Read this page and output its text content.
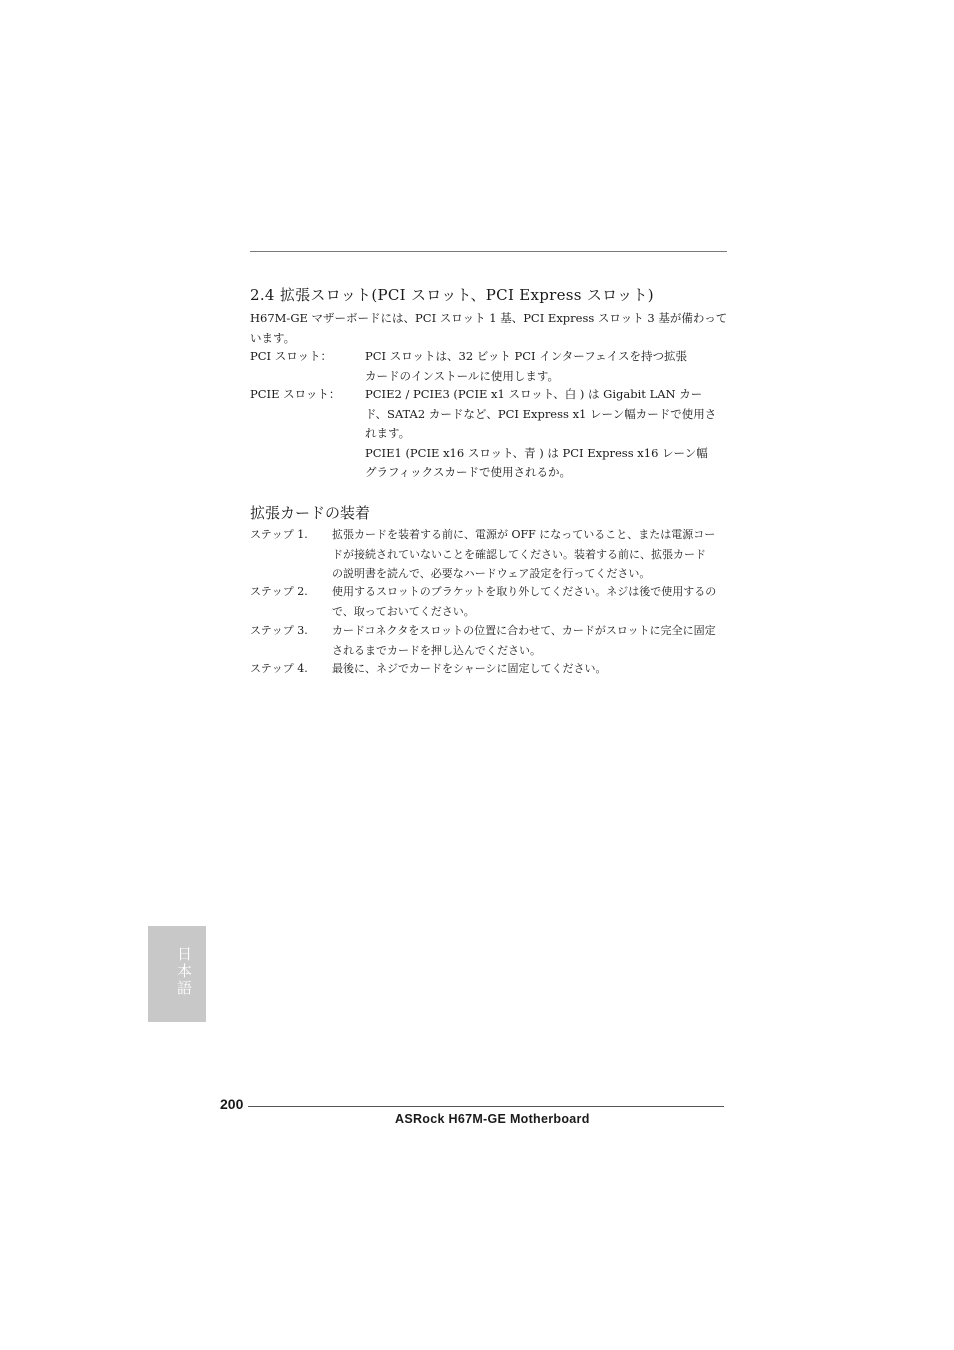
2.4 拡張スロット(PCI スロット、PCI Express スロット)
H67M-GE マザーボードには、PCI スロット 1 基、PCI Express スロット 3 基が備わって
います。
PCI スロット：	PCI スロットは、32 ビット PCI インターフェイスを持つ拡張
カードのインストールに使用します。
PCIE スロット： PCIE2 / PCIE3 (PCIE x1 スロット、白 ) は Gigabit LAN カー
ド、SATA2 カードなど、PCI Express x1 レーン幅カードで使用さ
れます。
PCIE1 (PCIE x16 スロット、青 ) は PCI Express x16 レーン幅
グラフィックスカードで使用されるか。
拡張カードの装着
ステップ 1. 拡張カードを装着する前に、電源が OFF になっていること、または電源コー
ドが接続されていないことを確認してください。装着する前に、拡張カード
の説明書を読んで、必要なハードウェア設定を行ってください。
ステップ 2. 使用するスロットのブラケットを取り外してください。ネジは後で使用するの
で、取っておいてください。
ステップ 3. カードコネクタをスロットの位置に合わせて、カードがスロットに完全に固定
されるまでカードを押し込んでください。
ステップ 4. 最後に、ネジでカードをシャーシに固定してください。
日本語
200
ASRock H67M-GE Motherboard
